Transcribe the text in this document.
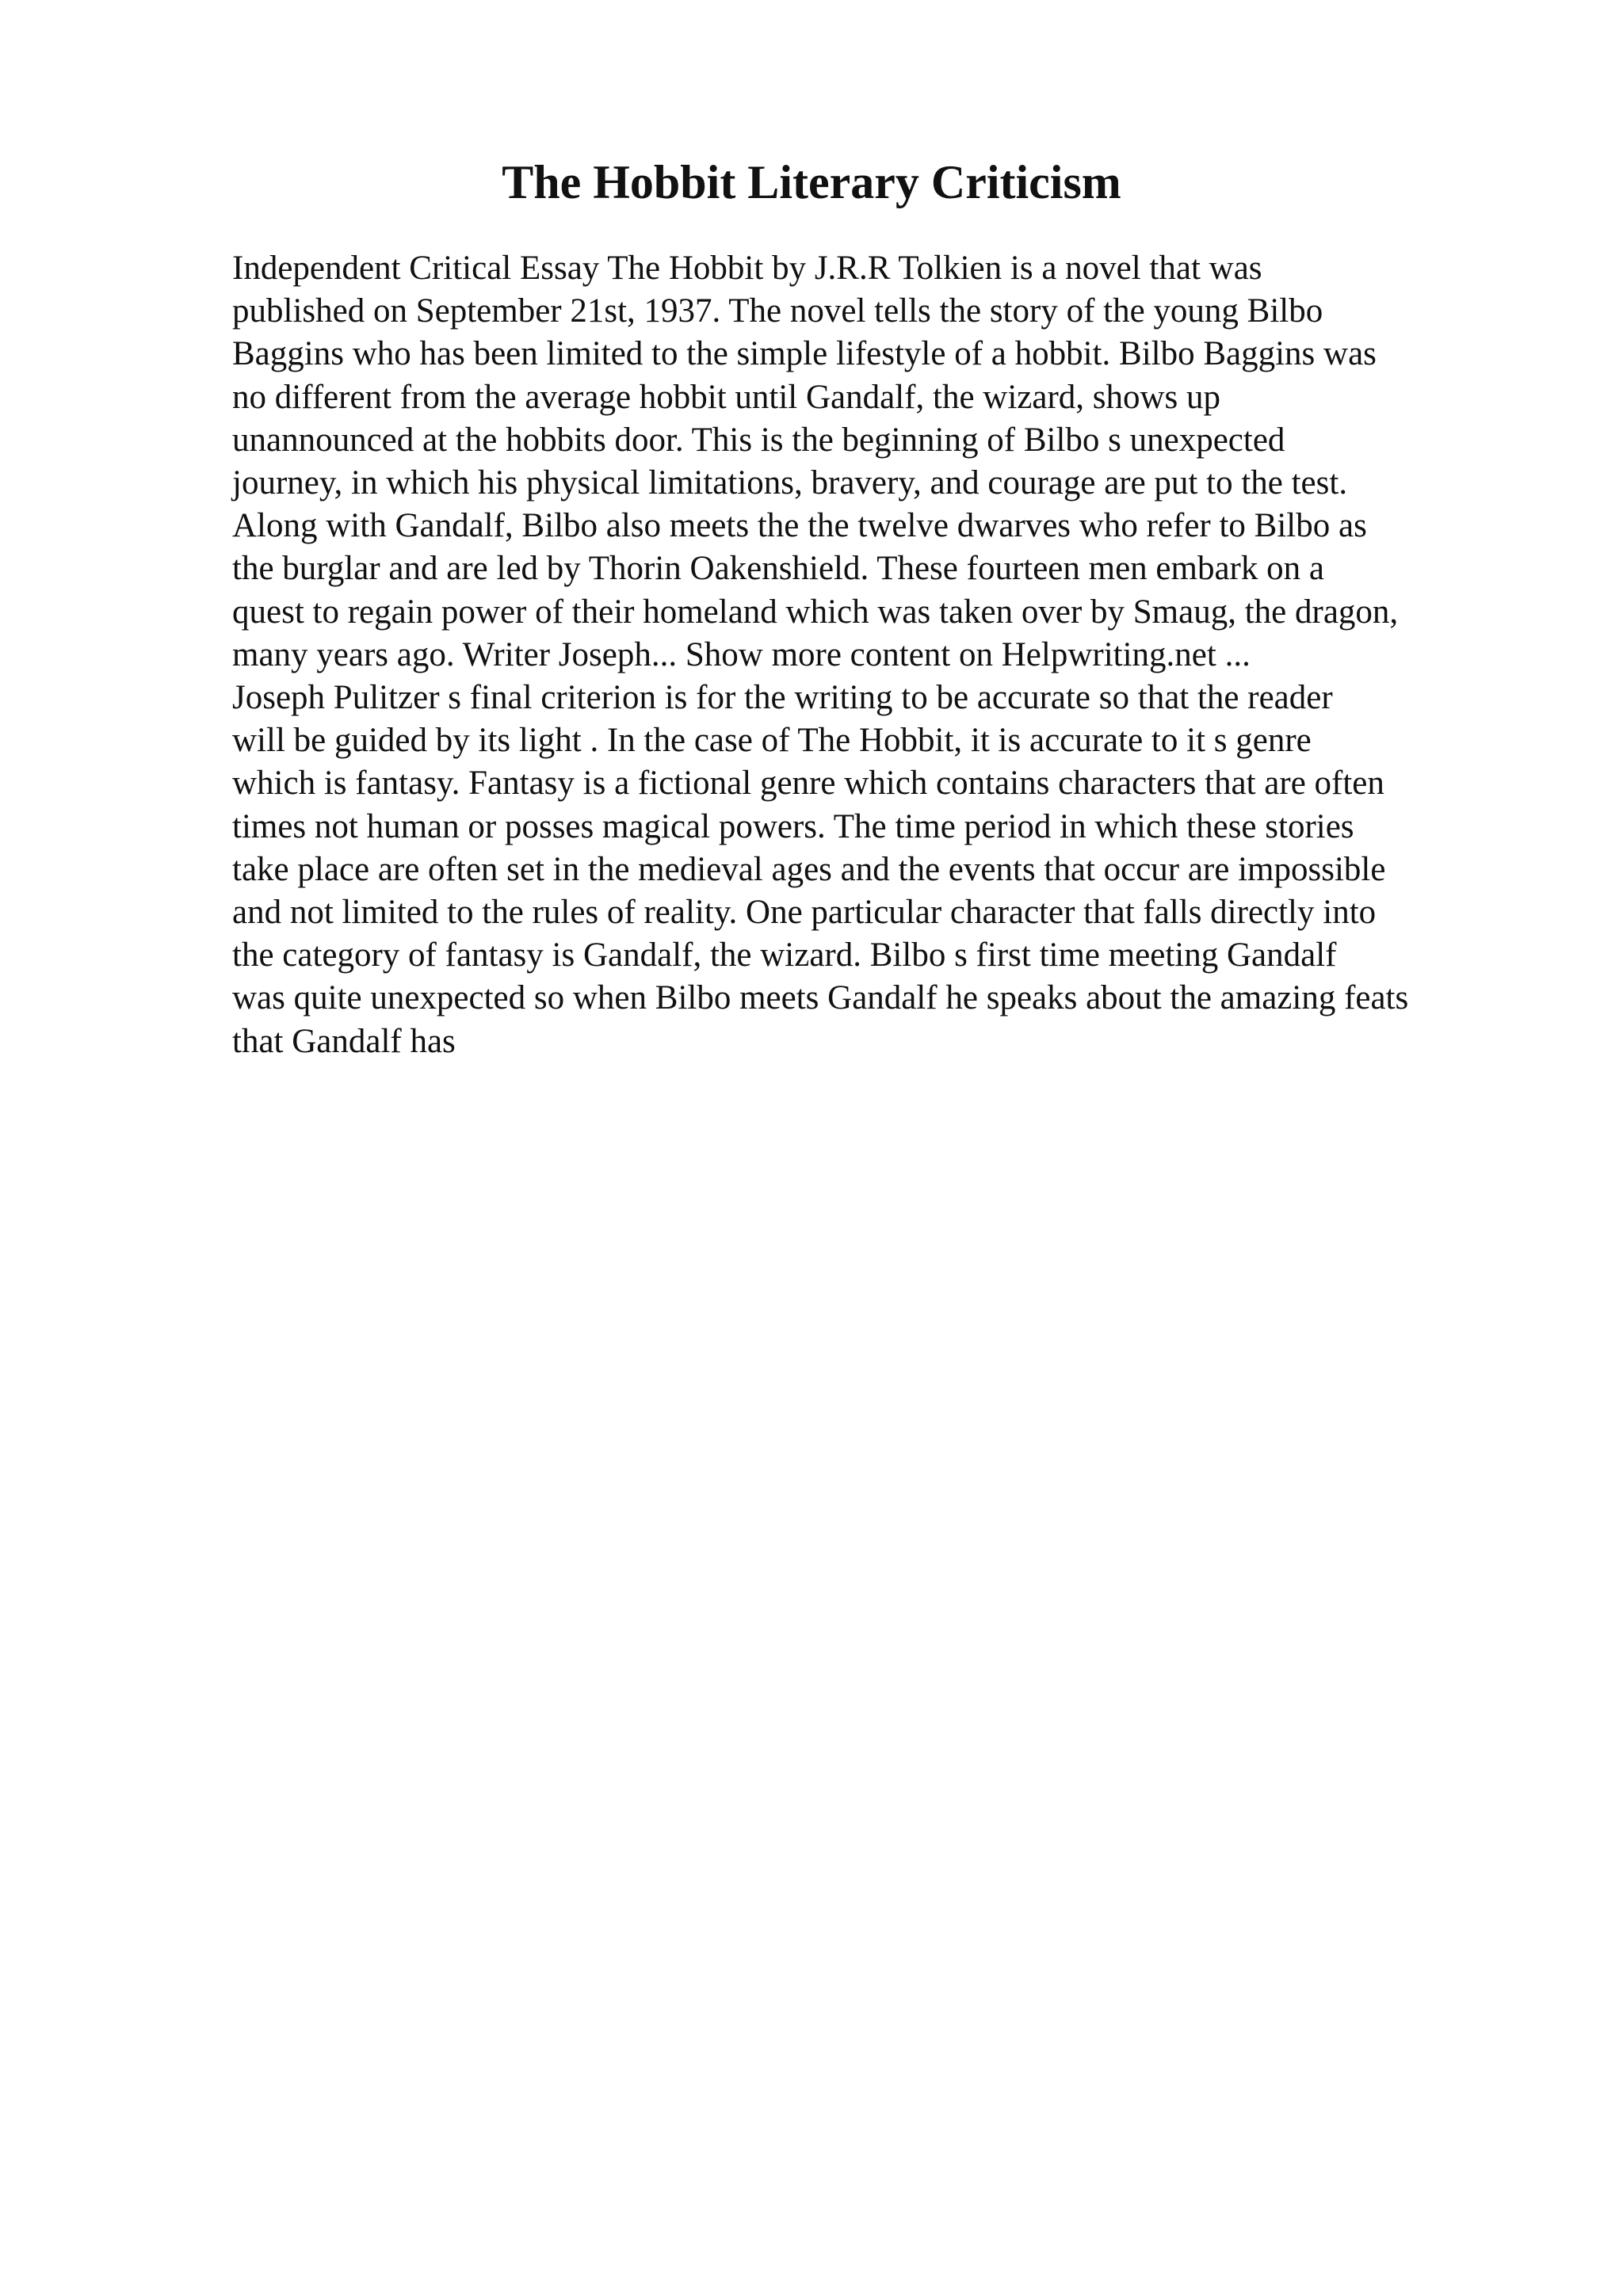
The Hobbit Literary Criticism
Independent Critical Essay The Hobbit by J.R.R Tolkien is a novel that was
published on September 21st, 1937. The novel tells the story of the young Bilbo
Baggins who has been limited to the simple lifestyle of a hobbit. Bilbo Baggins was
no different from the average hobbit until Gandalf, the wizard, shows up
unannounced at the hobbits door. This is the beginning of Bilbo s unexpected
journey, in which his physical limitations, bravery, and courage are put to the test.
Along with Gandalf, Bilbo also meets the the twelve dwarves who refer to Bilbo as
the burglar and are led by Thorin Oakenshield. These fourteen men embark on a
quest to regain power of their homeland which was taken over by Smaug, the dragon,
many years ago. Writer Joseph... Show more content on Helpwriting.net ...
Joseph Pulitzer s final criterion is for the writing to be accurate so that the reader
will be guided by its light . In the case of The Hobbit, it is accurate to it s genre
which is fantasy. Fantasy is a fictional genre which contains characters that are often
times not human or posses magical powers. The time period in which these stories
take place are often set in the medieval ages and the events that occur are impossible
and not limited to the rules of reality. One particular character that falls directly into
the category of fantasy is Gandalf, the wizard. Bilbo s first time meeting Gandalf
was quite unexpected so when Bilbo meets Gandalf he speaks about the amazing feats
that Gandalf has
